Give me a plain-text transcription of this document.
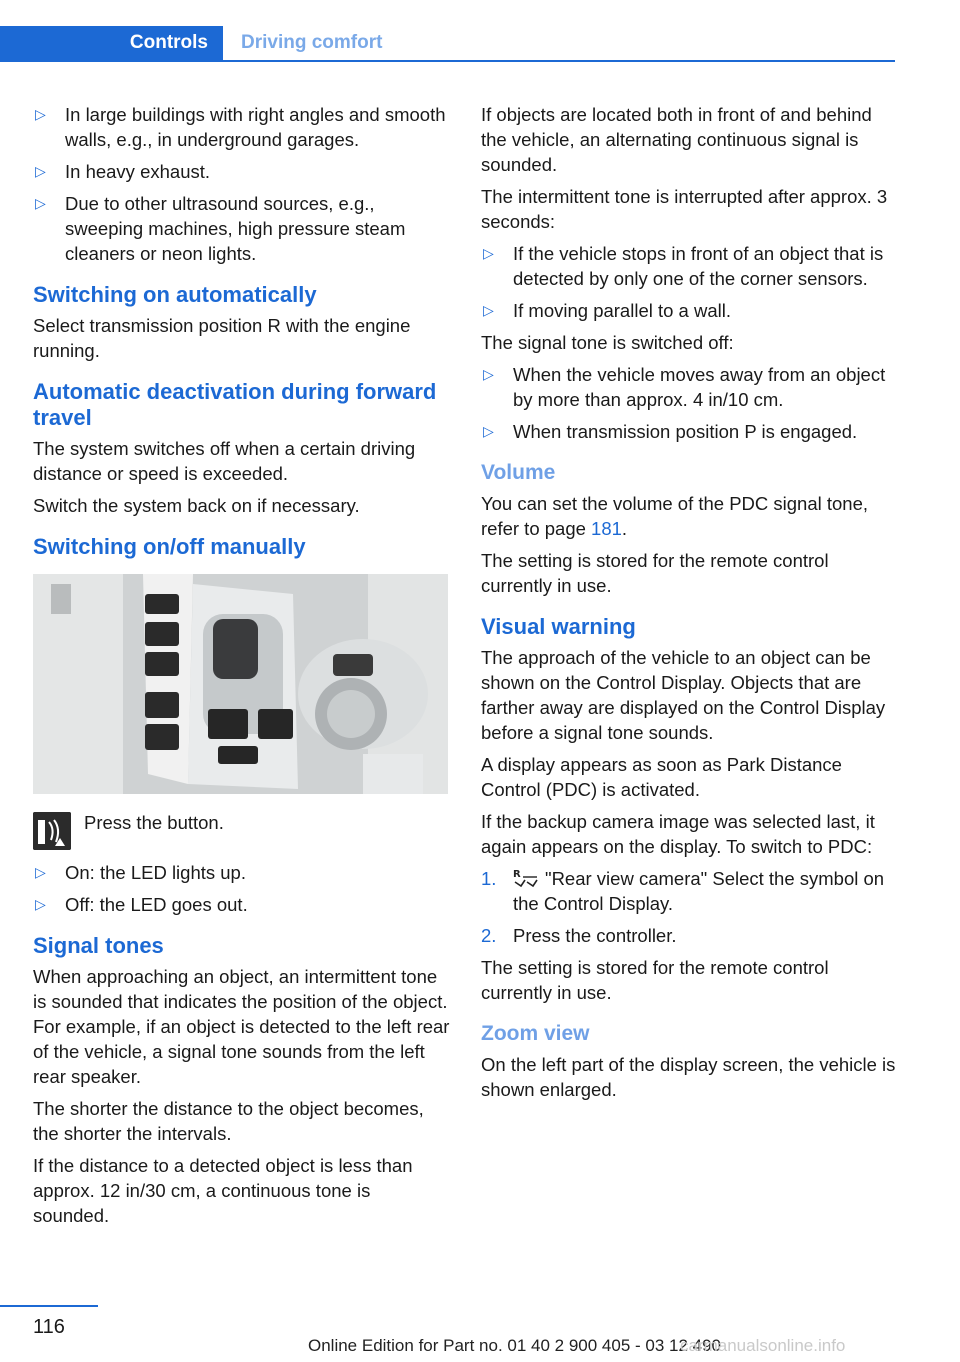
Controls	Driving comfort
▷ In large buildings with right angles and smooth walls, e.g., in underground garages.
▷ In heavy exhaust.
▷ Due to other ultrasound sources, e.g., sweeping machines, high pressure steam cleaners or neon lights.
Switching on automatically

Select transmission position R with the engine running.

Automatic deactivation during forward travel

The system switches off when a certain driving distance or speed is exceeded.

Switch the system back on if necessary.

Switching on/off manually
Press the button.
▷ On: the LED lights up.
▷ Off: the LED goes out.
Signal tones

When approaching an object, an intermittent tone is sounded that indicates the position of the object. For example, if an object is detected to the left rear of the vehicle, a signal tone sounds from the left rear speaker.

The shorter the distance to the object becomes, the shorter the intervals.

If the distance to a detected object is less than approx. 12 in/30 cm, a continuous tone is sounded.

If objects are located both in front of and behind the vehicle, an alternating continuous signal is sounded.

The intermittent tone is interrupted after approx. 3 seconds:

▷ If the vehicle stops in front of an object that is detected by only one of the corner sensors.
▷ If moving parallel to a wall.

The signal tone is switched off:

▷ When the vehicle moves away from an object by more than approx. 4 in/10 cm.
▷ When transmission position P is engaged.
Volume

You can set the volume of the PDC signal tone, refer to page 181.

The setting is stored for the remote control currently in use.

Visual warning

The approach of the vehicle to an object can be shown on the Control Display. Objects that are farther away are displayed on the Control Display before a signal tone sounds.

A display appears as soon as Park Distance Control (PDC) is activated.

If the backup camera image was selected last, it again appears on the display. To switch to PDC:

1. R "Rear view camera" Select the symbol on the Control Display.
2. Press the controller.

The setting is stored for the remote control currently in use.

Zoom view

On the left part of the display screen, the vehicle is shown enlarged.

116
Online Edition for Part no. 01 40 2 900 405 - 03 12 490
carmanualsonline.info
